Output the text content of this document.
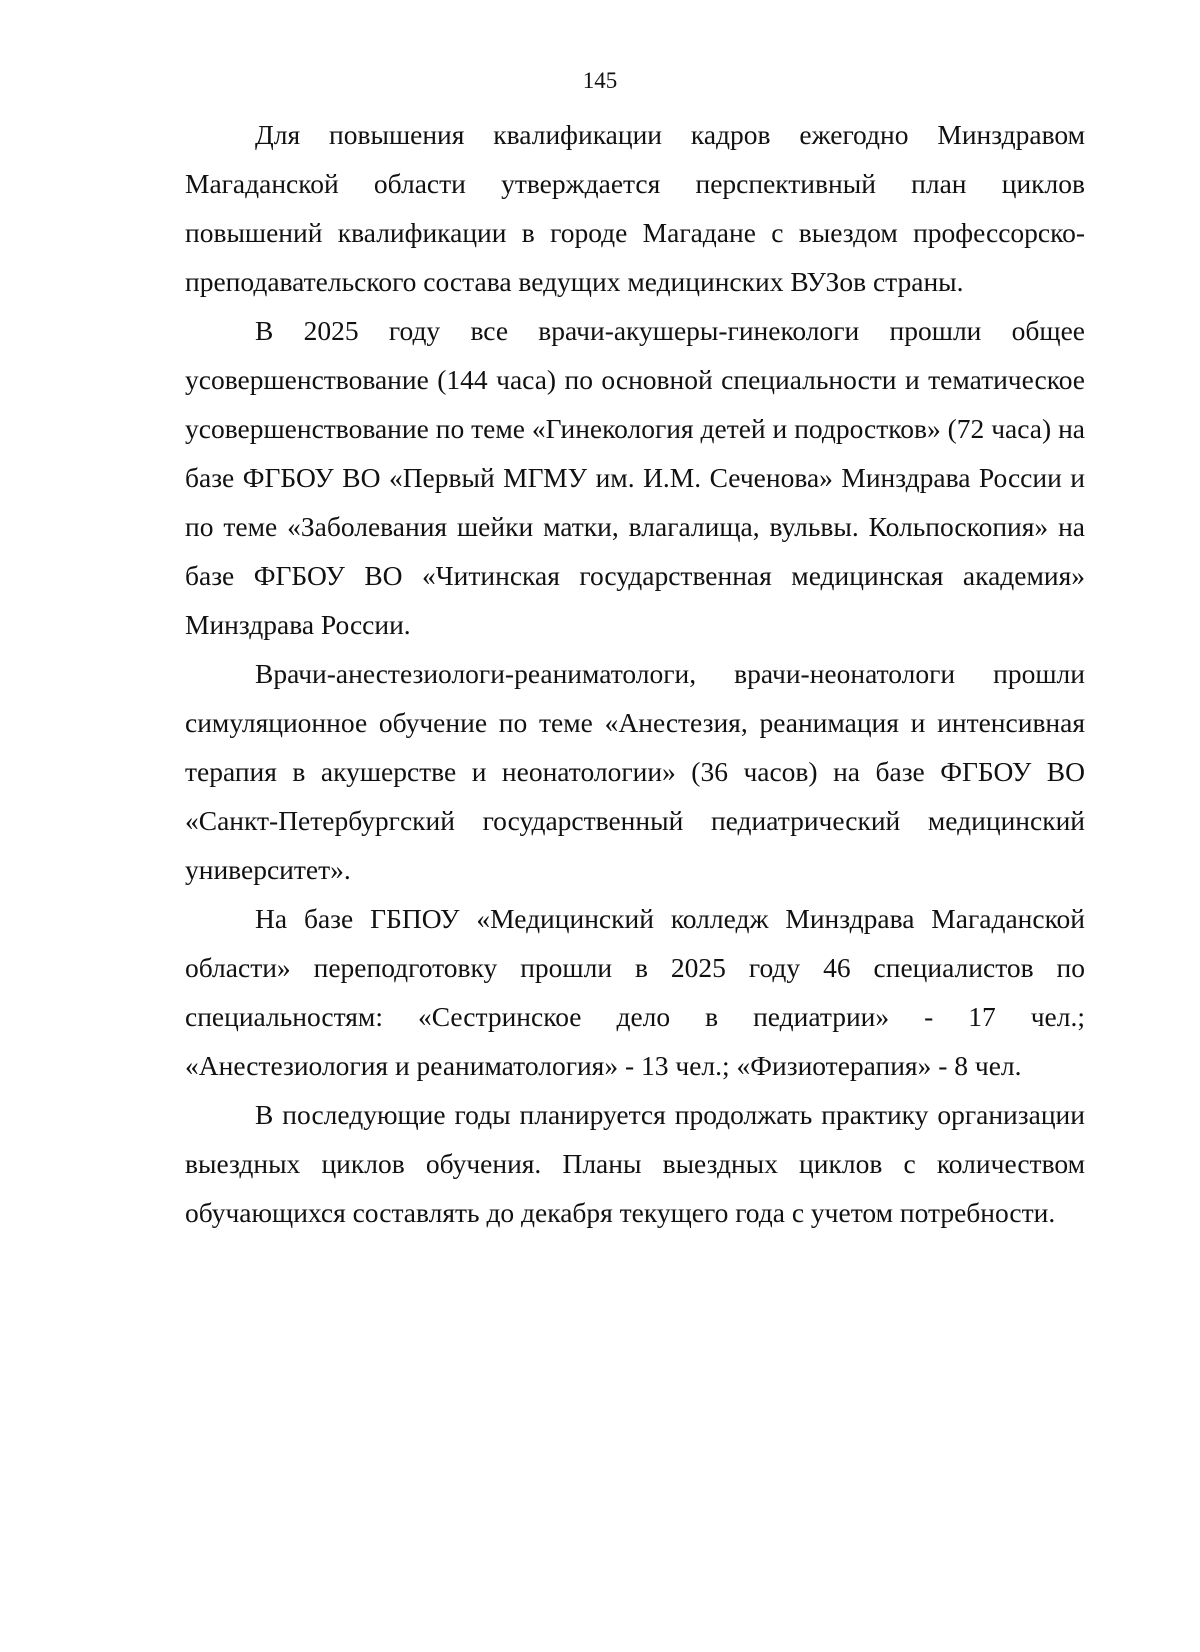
145

Для повышения квалификации кадров ежегодно Минздравом Магаданской области утверждается перспективный план циклов повышений квалификации в городе Магадане с выездом профессорско-преподавательского состава ведущих медицинских ВУЗов страны.

В 2025 году все врачи-акушеры-гинекологи прошли общее усовершенствование (144 часа) по основной специальности и тематическое усовершенствование по теме «Гинекология детей и подростков» (72 часа) на базе ФГБОУ ВО «Первый МГМУ им. И.М. Сеченова» Минздрава России и по теме «Заболевания шейки матки, влагалища, вульвы. Кольпоскопия» на базе ФГБОУ ВО «Читинская государственная медицинская академия» Минздрава России.

Врачи-анестезиологи-реаниматологи, врачи-неонатологи прошли симуляционное обучение по теме «Анестезия, реанимация и интенсивная терапия в акушерстве и неонатологии» (36 часов) на базе ФГБОУ ВО «Санкт-Петербургский государственный педиатрический медицинский университет».

На базе ГБПОУ «Медицинский колледж Минздрава Магаданской области» переподготовку прошли в 2025 году 46 специалистов по специальностям: «Сестринское дело в педиатрии» - 17 чел.; «Анестезиология и реаниматология» - 13 чел.; «Физиотерапия» - 8 чел.

В последующие годы планируется продолжать практику организации выездных циклов обучения. Планы выездных циклов с количеством обучающихся составлять до декабря текущего года с учетом потребности.
